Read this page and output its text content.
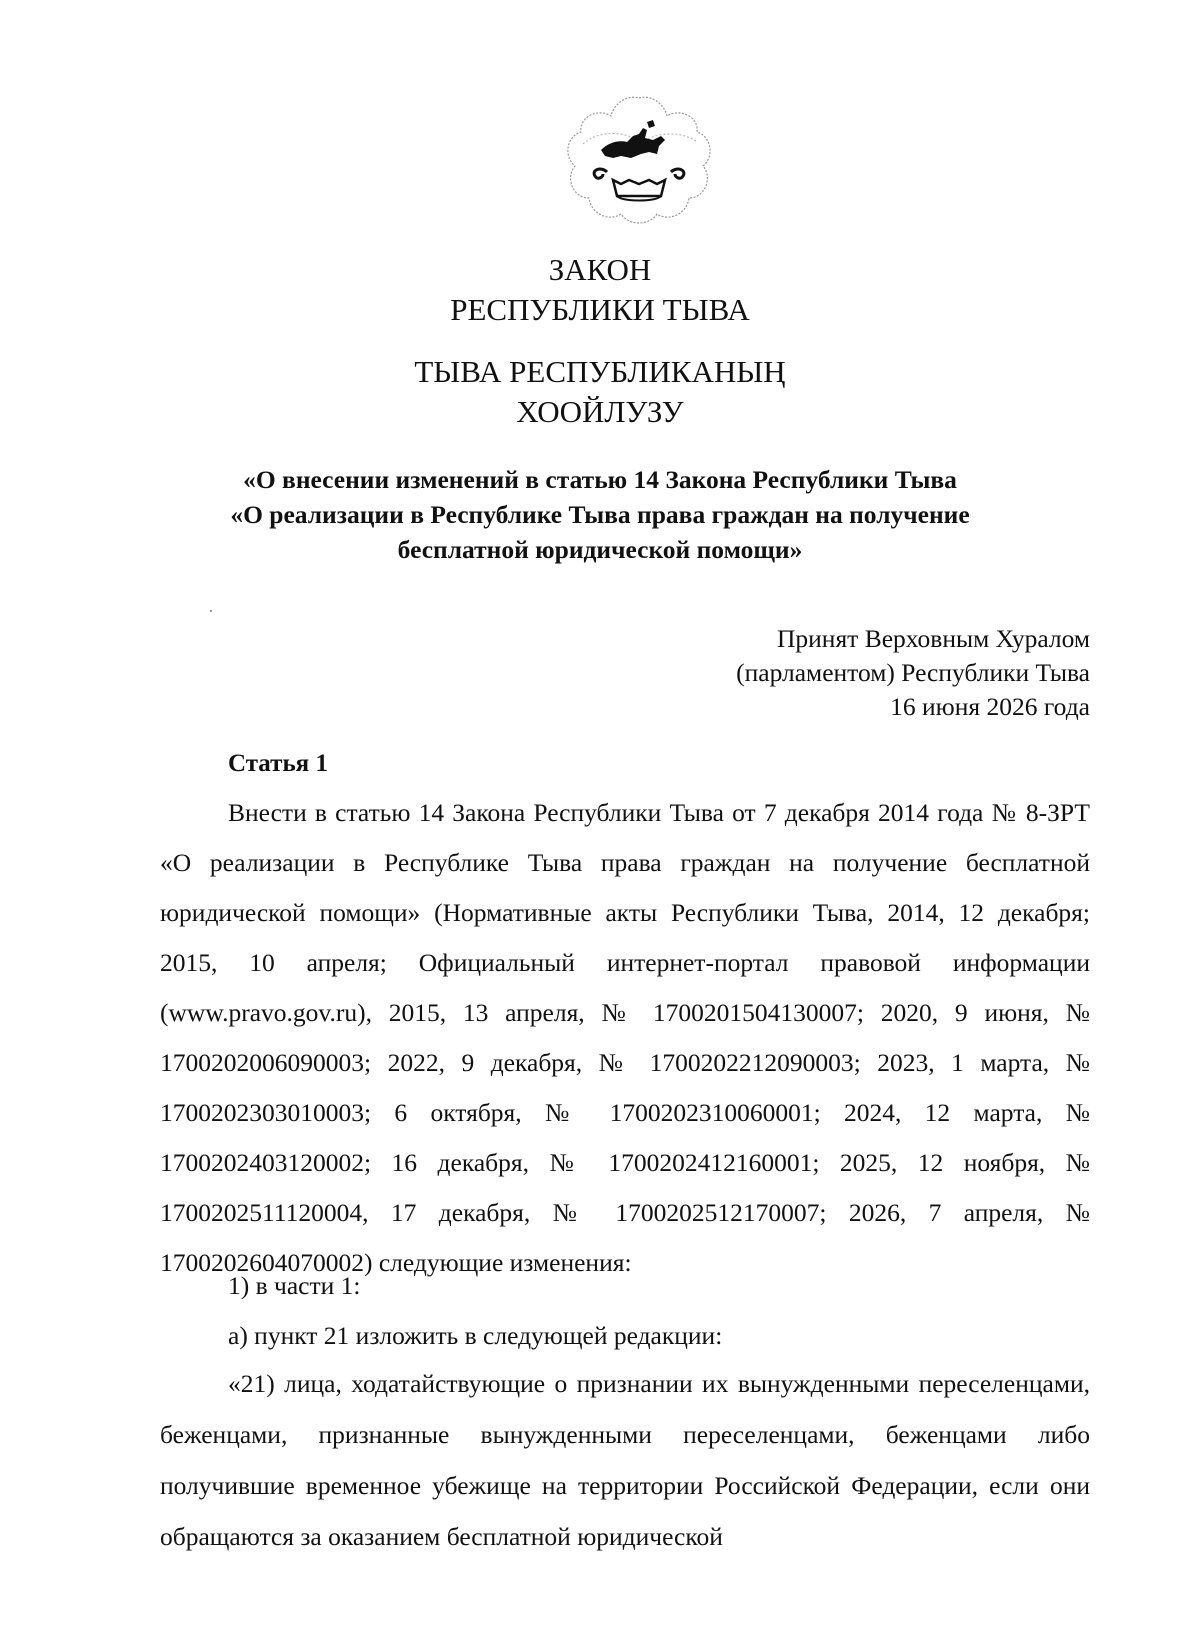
ЗАКОН
РЕСПУБЛИКИ ТЫВА
ТЫВА РЕСПУБЛИКАНЫҢ
ХООЙЛУЗУ
«О внесении изменений в статью 14 Закона Республики Тыва
«О реализации в Республике Тыва права граждан на получение
бесплатной юридической помощи»
Принят Верховным Хуралом
(парламентом) Республики Тыва
16 июня 2026 года
Статья 1

Внести в статью 14 Закона Республики Тыва от 7 декабря 2014 года № 8-ЗРТ «О реализации в Республике Тыва права граждан на получение бесплатной юридической помощи» (Нормативные акты Республики Тыва, 2014, 12 декабря; 2015, 10 апреля; Официальный интернет-портал правовой информации (www.pravo.gov.ru), 2015, 13 апреля, № 1700201504130007; 2020, 9 июня, № 1700202006090003; 2022, 9 декабря, № 1700202212090003; 2023, 1 марта, № 1700202303010003; 6 октября, № 1700202310060001; 2024, 12 марта, № 1700202403120002; 16 декабря, № 1700202412160001; 2025, 12 ноября, № 1700202511120004, 17 декабря, № 1700202512170007; 2026, 7 апреля, № 1700202604070002) следующие изменения:

1) в части 1:
а) пункт 21 изложить в следующей редакции:

«21) лица, ходатайствующие о признании их вынужденными переселенцами, беженцами, признанные вынужденными переселенцами, беженцами либо получившие временное убежище на территории Российской Федерации, если они обращаются за оказанием бесплатной юридической
